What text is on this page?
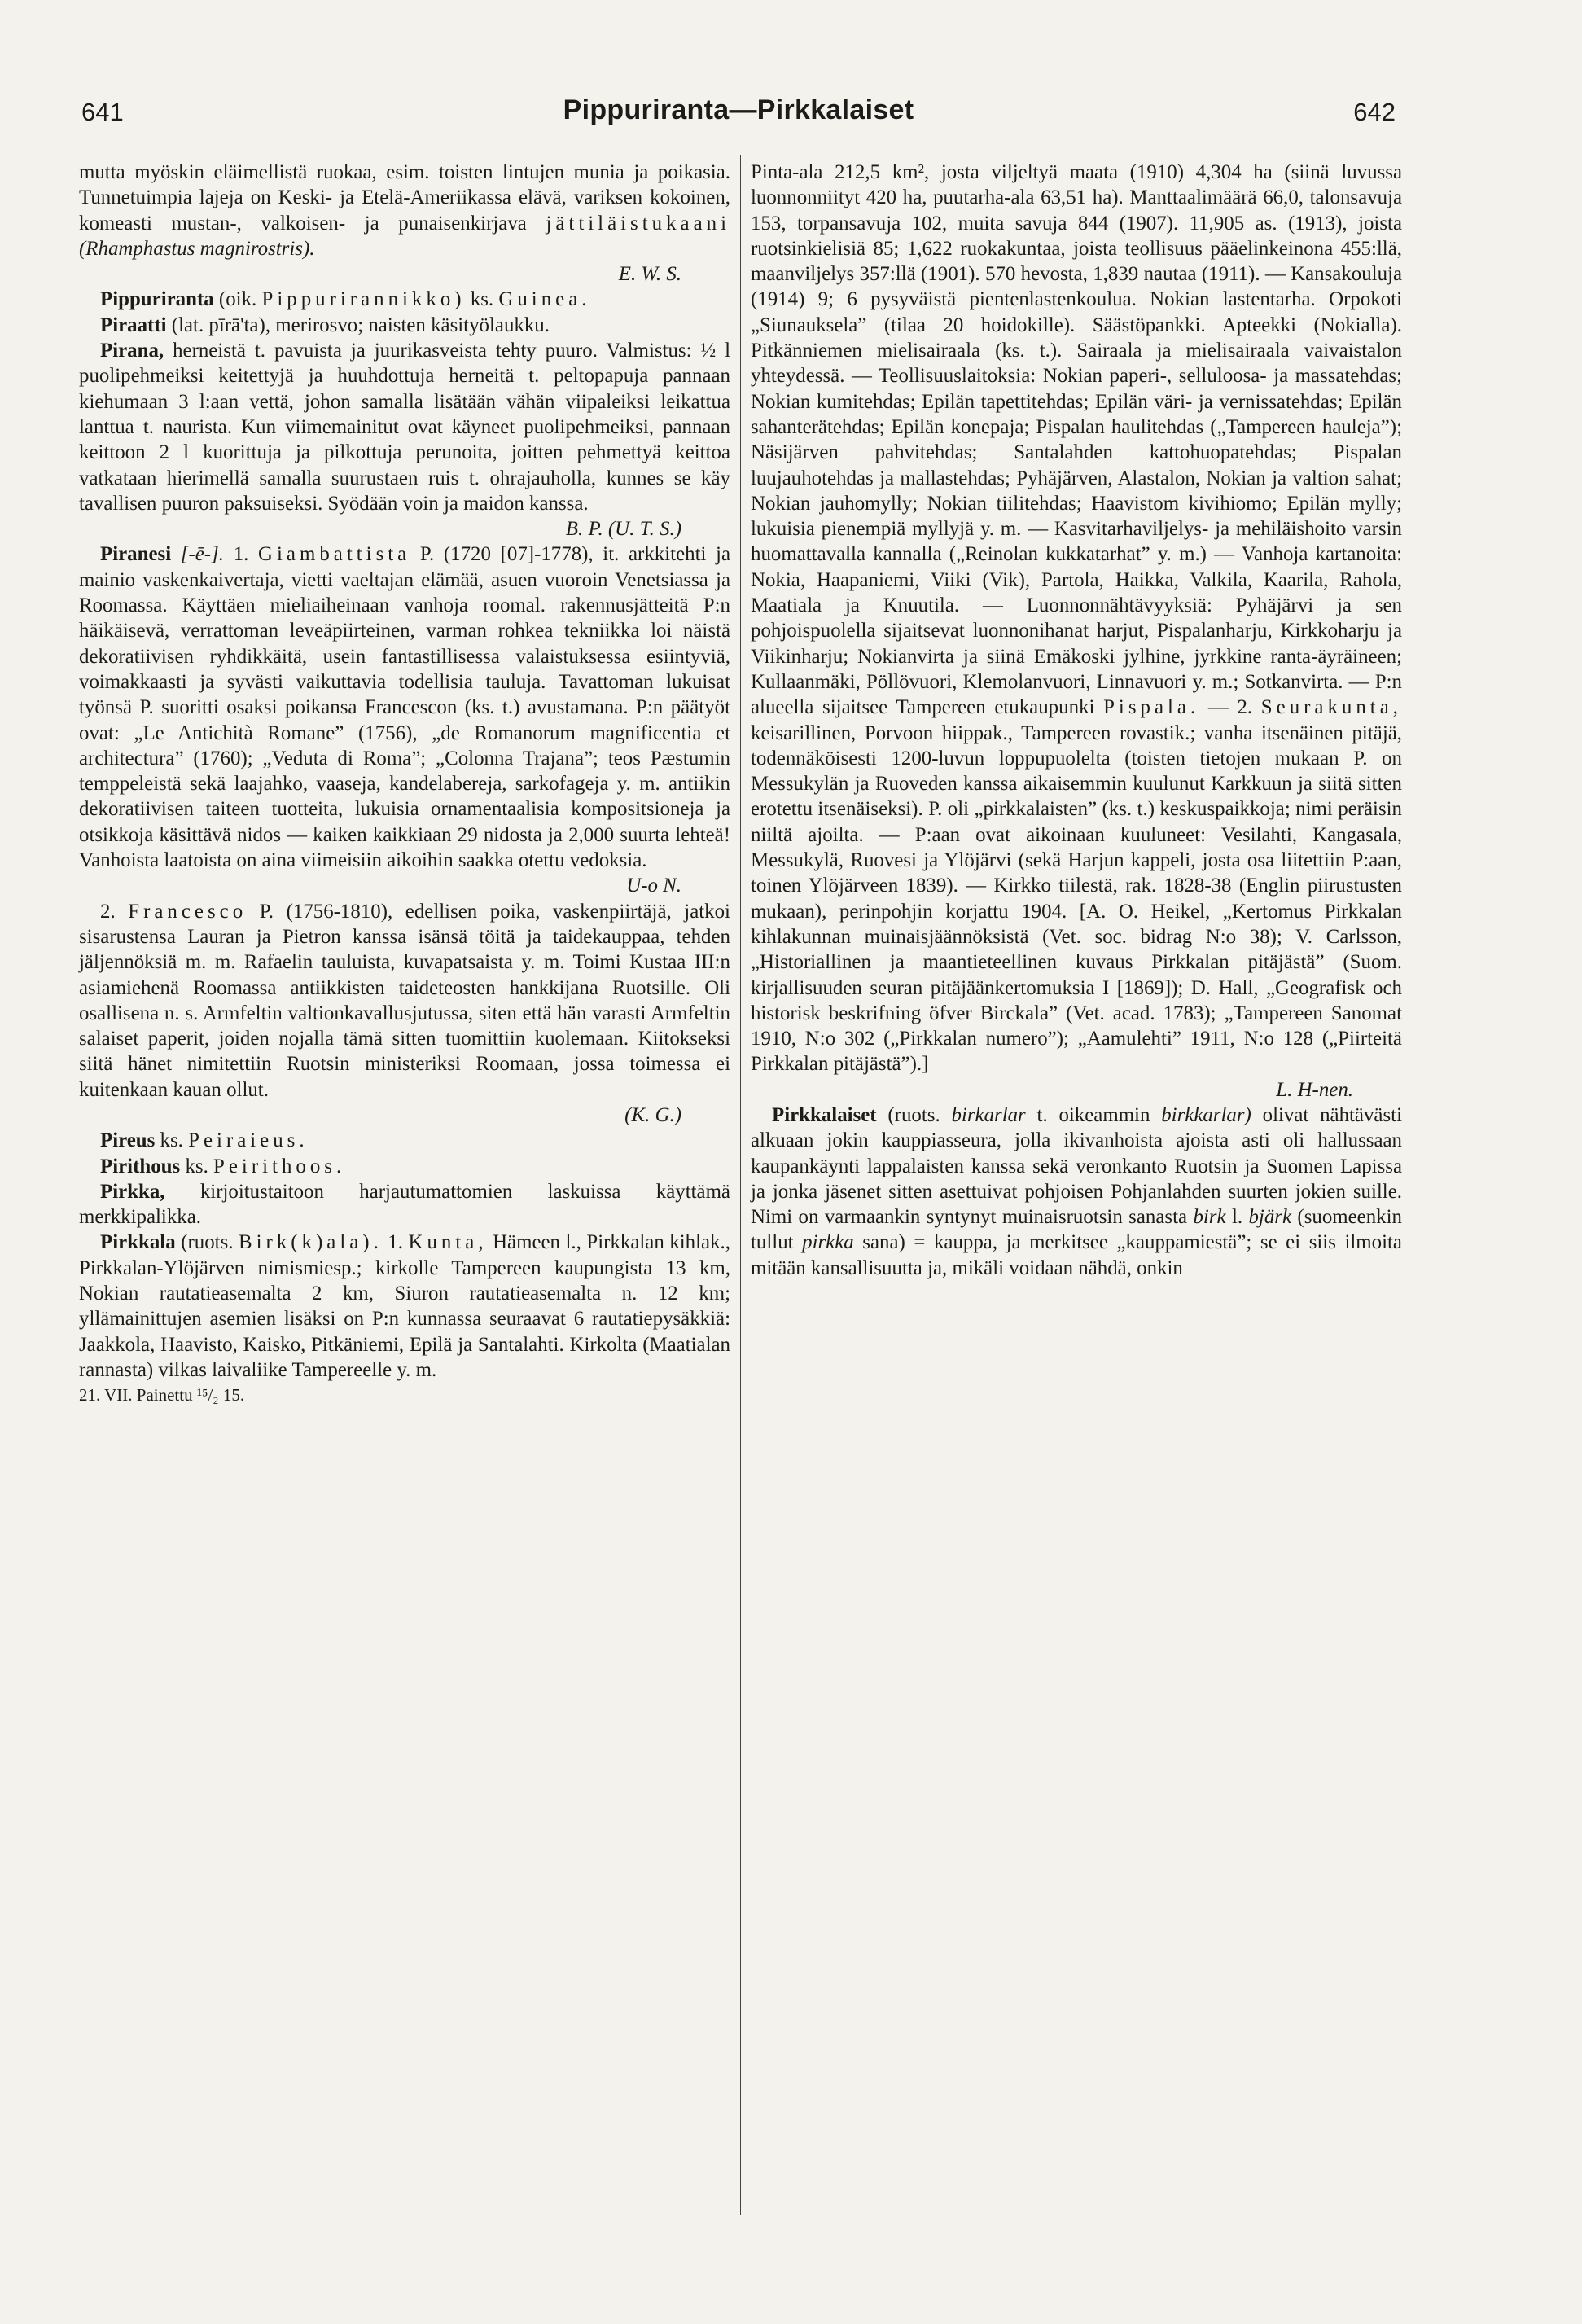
641	Pippuriranta—Pirkkalaiset	642

mutta myöskin eläimellistä ruokaa, esim. toisten lintujen munia ja poikasia. Tunnetuimpia lajeja on Keski- ja Etelä-Ameriikassa elävä, variksen kokoinen, komeasti mustan-, valkoisen- ja punaisenkirjava jättiläistukaani (Rhamphastus magnirostris).
E. W. S.

Pippuriranta (oik. Pippurirannikko) ks. Guinea.

Piraatti (lat. pīrā'ta), merirosvo; naisten käsityölaukku.

Pirana, herneistä t. pavuista ja juurikasveista tehty puuro. Valmistus: ½ l puolipehmeiksi keitettyjä ja huuhdottuja herneitä t. peltopapuja pannaan kiehumaan 3 l:aan vettä, johon samalla lisätään vähän viipaleiksi leikattua lanttua t. naurista. Kun viimemainitut ovat käyneet puolipehmeiksi, pannaan keittoon 2 l kuorittuja ja pilkottuja perunoita, joitten pehmettyä keittoa vatkataan hierimellä samalla suurustaen ruis t. ohrajauholla, kunnes se käy tavallisen puuron paksuiseksi. Syödään voin ja maidon kanssa.
B. P. (U. T. S.)

Piranesi [-ē-]. 1. Giambattista P. (1720 [07]-1778), it. arkkitehti ja mainio vaskenkaivertaja, vietti vaeltajan elämää, asuen vuoroin Venetsiassa ja Roomassa. Käyttäen mieliaiheinaan vanhoja roomal. rakennusjätteitä P:n häikäisevä, verrattoman leveäpiirteinen, varman rohkea tekniikka loi näistä dekoratiivisen ryhdikkäitä, usein fantastillisessa valaistuksessa esiintyviä, voimakkaasti ja syvästi vaikuttavia todellisia tauluja. Tavattoman lukuisat työnsä P. suoritti osaksi poikansa Francescon (ks. t.) avustamana. P:n päätyöt ovat: „Le Antichità Romane” (1756), „de Romanorum magnificentia et architectura” (1760); „Veduta di Roma”; „Colonna Trajana”; teos Pæstumin temppeleistä sekä laajahko, vaaseja, kandelabereja, sarkofageja y. m. antiikin dekoratiivisen taiteen tuotteita, lukuisia ornamentaalisia kompositsioneja ja otsikkoja käsittävä nidos — kaiken kaikkiaan 29 nidosta ja 2,000 suurta lehteä! Vanhoista laatoista on aina viimeisiin aikoihin saakka otettu vedoksia.
U-o N.

2. Francesco P. (1756-1810), edellisen poika, vaskenpiirtäjä, jatkoi sisarustensa Lauran ja Pietron kanssa isänsä töitä ja taidekauppaa, tehden jäljennöksiä m. m. Rafaelin tauluista, kuvapatsaista y. m. Toimi Kustaa III:n asiamiehenä Roomassa antiikkisten taideteosten hankkijana Ruotsille. Oli osallisena n. s. Armfeltin valtionkavallusjutussa, siten että hän varasti Armfeltin salaiset paperit, joiden nojalla tämä sitten tuomittiin kuolemaan. Kiitokseksi siitä hänet nimitettiin Ruotsin ministeriksi Roomaan, jossa toimessa ei kuitenkaan kauan ollut.
(K. G.)

Pireus ks. Peiraieus.

Pirithous ks. Peirithoos.

Pirkka, kirjoitustaitoon harjautumattomien laskuissa käyttämä merkkipalikka.

Pirkkala (ruots. Birk(k)ala). 1. Kunta, Hämeen l., Pirkkalan kihlak., Pirkkalan-Ylöjärven nimismiesp.; kirkolle Tampereen kaupungista 13 km, Nokian rautatieasemalta 2 km, Siuron rautatieasemalta n. 12 km; yllämainittujen asemien lisäksi on P:n kunnassa seuraavat 6 rautatiepysäkkiä: Jaakkola, Haavisto, Kaisko, Pitkäniemi, Epilä ja Santalahti. Kirkolta (Maatialan rannasta) vilkas laivaliike Tampereelle y. m.

21. VII. Painettu ¹⁵/₂ 15.

Pinta-ala 212,5 km², josta viljeltyä maata (1910) 4,304 ha (siinä luvussa luonnonniityt 420 ha, puutarha-ala 63,51 ha). Manttaalimäärä 66,0, talonsavuja 153, torpansavuja 102, muita savuja 844 (1907). 11,905 as. (1913), joista ruotsinkielisiä 85; 1,622 ruokakuntaa, joista teollisuus pääelinkeinona 455:llä, maanviljelys 357:llä (1901). 570 hevosta, 1,839 nautaa (1911). — Kansakouluja (1914) 9; 6 pysyväistä pientenlastenkoulua. Nokian lastentarha. Orpokoti „Siunauksela” (tilaa 20 hoidokille). Säästöpankki. Apteekki (Nokialla). Pitkänniemen mielisairaala (ks. t.). Sairaala ja mielisairaala vaivaistalon yhteydessä. — Teollisuuslaitoksia: Nokian paperi-, selluloosa- ja massatehdas; Nokian kumitehdas; Epilän tapettitehdas; Epilän väri- ja vernissatehdas; Epilän sahanterätehdas; Epilän konepaja; Pispalan haulitehdas („Tampereen hauleja”); Näsijärven pahvitehdas; Santalahden kattohuopatehdas; Pispalan luujauhotehdas ja mallastehdas; Pyhäjärven, Alastalon, Nokian ja valtion sahat; Nokian jauhomylly; Nokian tiilitehdas; Haavistom kivihiomo; Epilän mylly; lukuisia pienempiä myllyjä y. m. — Kasvitarhaviljelys- ja mehiläishoito varsin huomattavalla kannalla („Reinolan kukkatarhat” y. m.) — Vanhoja kartanoita: Nokia, Haapaniemi, Viiki (Vik), Partola, Haikka, Valkila, Kaarila, Rahola, Maatiala ja Knuutila. — Luonnonnähtävyyksiä: Pyhäjärvi ja sen pohjoispuolella sijaitsevat luonnonihanat harjut, Pispalanharju, Kirkkoharju ja Viikinharju; Nokianvirta ja siinä Emäkoski jylhine, jyrkkine ranta-äyräineen; Kullaanmäki, Pöllövuori, Klemolanvuori, Linnavuori y. m.; Sotkanvirta. — P:n alueella sijaitsee Tampereen etukaupunki Pispala. — 2. Seurakunta, keisarillinen, Porvoon hiippak., Tampereen rovastik.; vanha itsenäinen pitäjä, todennäköisesti 1200-luvun loppupuolelta (toisten tietojen mukaan P. on Messukylän ja Ruoveden kanssa aikaisemmin kuulunut Karkkuun ja siitä sitten erotettu itsenäiseksi). P. oli „pirkkalaisten” (ks. t.) keskuspaikkoja; nimi peräisin niiltä ajoilta. — P:aan ovat aikoinaan kuuluneet: Vesilahti, Kangasala, Messukylä, Ruovesi ja Ylöjärvi (sekä Harjun kappeli, josta osa liitettiin P:aan, toinen Ylöjärveen 1839). — Kirkko tiilestä, rak. 1828-38 (Englin piirustusten mukaan), perinpohjin korjattu 1904. [A. O. Heikel, „Kertomus Pirkkalan kihlakunnan muinaisjäännöksistä (Vet. soc. bidrag N:o 38); V. Carlsson, „Historiallinen ja maantieteellinen kuvaus Pirkkalan pitäjästä” (Suom. kirjallisuuden seuran pitäjäänkertomuksia I [1869]); D. Hall, „Geografisk och historisk beskrifning öfver Birckala” (Vet. acad. 1783); „Tampereen Sanomat 1910, N:o 302 („Pirkkalan numero”); „Aamulehti” 1911, N:o 128 („Piirteitä Pirkkalan pitäjästä”).]
L. H-nen.

Pirkkalaiset (ruots. birkarlar t. oikeammin birkkarlar) olivat nähtävästi alkuaan jokin kauppiasseura, jolla ikivanhoista ajoista asti oli hallussaan kaupankäynti lappalaisten kanssa sekä veronkanto Ruotsin ja Suomen Lapissa ja jonka jäsenet sitten asettuivat pohjoisen Pohjanlahden suurten jokien suille. Nimi on varmaankin syntynyt muinaisruotsin sanasta birk l. bjärk (suomeenkin tullut pirkka sana) = kauppa, ja merkitsee „kauppamiestä”; se ei siis ilmoita mitään kansallisuutta ja, mikäli voidaan nähdä, onkin
